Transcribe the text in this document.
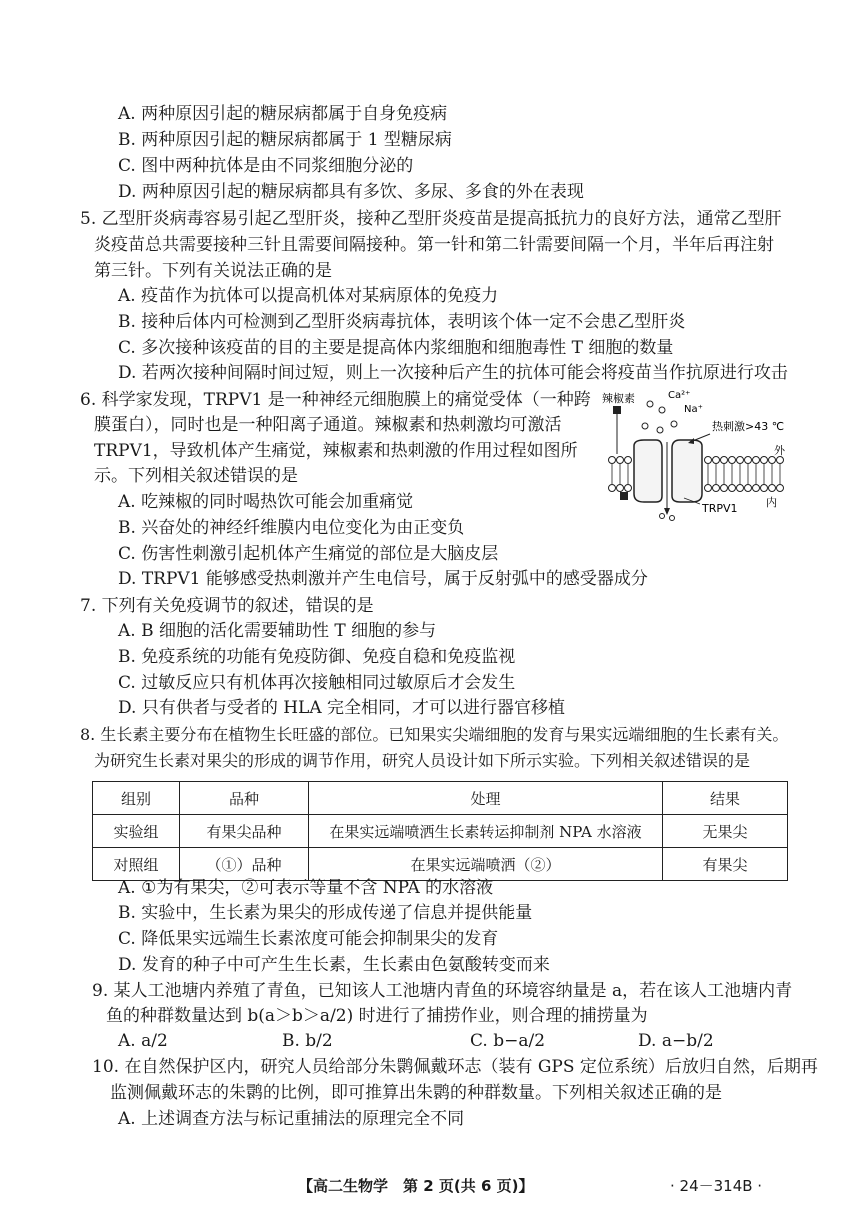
A. 两种原因引起的糖尿病都属于自身免疫病
B. 两种原因引起的糖尿病都属于 1 型糖尿病
C. 图中两种抗体是由不同浆细胞分泌的
D. 两种原因引起的糖尿病都具有多饮、多尿、多食的外在表现
5. 乙型肝炎病毒容易引起乙型肝炎，接种乙型肝炎疫苗是提高抵抗力的良好方法，通常乙型肝
炎疫苗总共需要接种三针且需要间隔接种。第一针和第二针需要间隔一个月，半年后再注射
第三针。下列有关说法正确的是
A. 疫苗作为抗体可以提高机体对某病原体的免疫力
B. 接种后体内可检测到乙型肝炎病毒抗体，表明该个体一定不会患乙型肝炎
C. 多次接种该疫苗的目的主要是提高体内浆细胞和细胞毒性 T 细胞的数量
D. 若两次接种间隔时间过短，则上一次接种后产生的抗体可能会将疫苗当作抗原进行攻击
6. 科学家发现，TRPV1 是一种神经元细胞膜上的痛觉受体（一种跨
膜蛋白），同时也是一种阳离子通道。辣椒素和热刺激均可激活
TRPV1，导致机体产生痛觉，辣椒素和热刺激的作用过程如图所
示。下列相关叙述错误的是
A. 吃辣椒的同时喝热饮可能会加重痛觉
B. 兴奋处的神经纤维膜内电位变化为由正变负
C. 伤害性刺激引起机体产生痛觉的部位是大脑皮层
D. TRPV1 能够感受热刺激并产生电信号，属于反射弧中的感受器成分
辣椒素	Ca²⁺
Na⁺
热刺激>43 ℃
外
内
TRPV1
7. 下列有关免疫调节的叙述，错误的是
A. B 细胞的活化需要辅助性 T 细胞的参与
B. 免疫系统的功能有免疫防御、免疫自稳和免疫监视
C. 过敏反应只有机体再次接触相同过敏原后才会发生
D. 只有供者与受者的 HLA 完全相同，才可以进行器官移植
8. 生长素主要分布在植物生长旺盛的部位。已知果实尖端细胞的发育与果实远端细胞的生长素有关。
为研究生长素对果尖的形成的调节作用，研究人员设计如下所示实验。下列相关叙述错误的是
组别	品种	处理	结果
实验组	有果尖品种	在果实远端喷洒生长素转运抑制剂 NPA 水溶液	无果尖
对照组	（①）品种	在果实远端喷洒（②）	有果尖
A. ①为有果尖，②可表示等量不含 NPA 的水溶液
B. 实验中，生长素为果尖的形成传递了信息并提供能量
C. 降低果实远端生长素浓度可能会抑制果尖的发育
D. 发育的种子中可产生生长素，生长素由色氨酸转变而来
9. 某人工池塘内养殖了青鱼，已知该人工池塘内青鱼的环境容纳量是 a，若在该人工池塘内青
鱼的种群数量达到 b(a＞b＞a/2) 时进行了捕捞作业，则合理的捕捞量为
A. a/2	B. b/2	C. b−a/2	D. a−b/2
10. 在自然保护区内，研究人员给部分朱鹮佩戴环志（装有 GPS 定位系统）后放归自然，后期再
监测佩戴环志的朱鹮的比例，即可推算出朱鹮的种群数量。下列相关叙述正确的是
A. 上述调查方法与标记重捕法的原理完全不同
【高二生物学　第 2 页(共 6 页)】	· 24－314B ·
